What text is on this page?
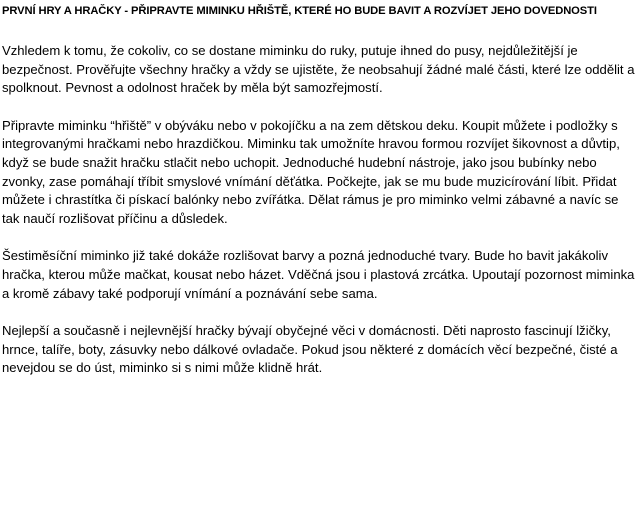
PRVNÍ HRY A HRAČKY - PŘIPRAVTE MIMINKU HŘIŠTĚ, KTERÉ HO BUDE BAVIT A ROZVÍJET JEHO DOVEDNOSTI

Vzhledem k tomu, že cokoliv, co se dostane miminku do ruky, putuje ihned do pusy, nejdůležitější je bezpečnost. Prověřujte všechny hračky a vždy se ujistěte, že neobsahují žádné malé části, které lze oddělit a spolknout. Pevnost a odolnost hraček by měla být samozřejmostí.

Připravte miminku “hřiště” v obýváku nebo v pokojíčku a na zem dětskou deku. Koupit můžete i podložky s integrovanými hračkami nebo hrazdičkou. Miminku tak umožníte hravou formou rozvíjet šikovnost a důvtip, když se bude snažit hračku stlačit nebo uchopit. Jednoduché hudební nástroje, jako jsou bubínky nebo zvonky, zase pomáhají tříbit smyslové vnímání děťátka. Počkejte, jak se mu bude muzicírování líbit. Přidat můžete i chrastítka či pískací balónky nebo zvířátka. Dělat rámus je pro miminko velmi zábavné a navíc se tak naučí rozlišovat příčinu a důsledek.

Šestiměsíční miminko již také dokáže rozlišovat barvy a pozná jednoduché tvary. Bude ho bavit jakákoliv hračka, kterou může mačkat, kousat nebo házet. Vděčná jsou i plastová zrcátka. Upoutají pozornost miminka a kromě zábavy také podporují vnímání a poznávání sebe sama.

Nejlepší a současně i nejlevnější hračky bývají obyčejné věci v domácnosti. Děti naprosto fascinují lžičky, hrnce, talíře, boty, zásuvky nebo dálkové ovladače. Pokud jsou některé z domácích věcí bezpečné, čisté a nevejdou se do úst, miminko si s nimi může klidně hrát.
